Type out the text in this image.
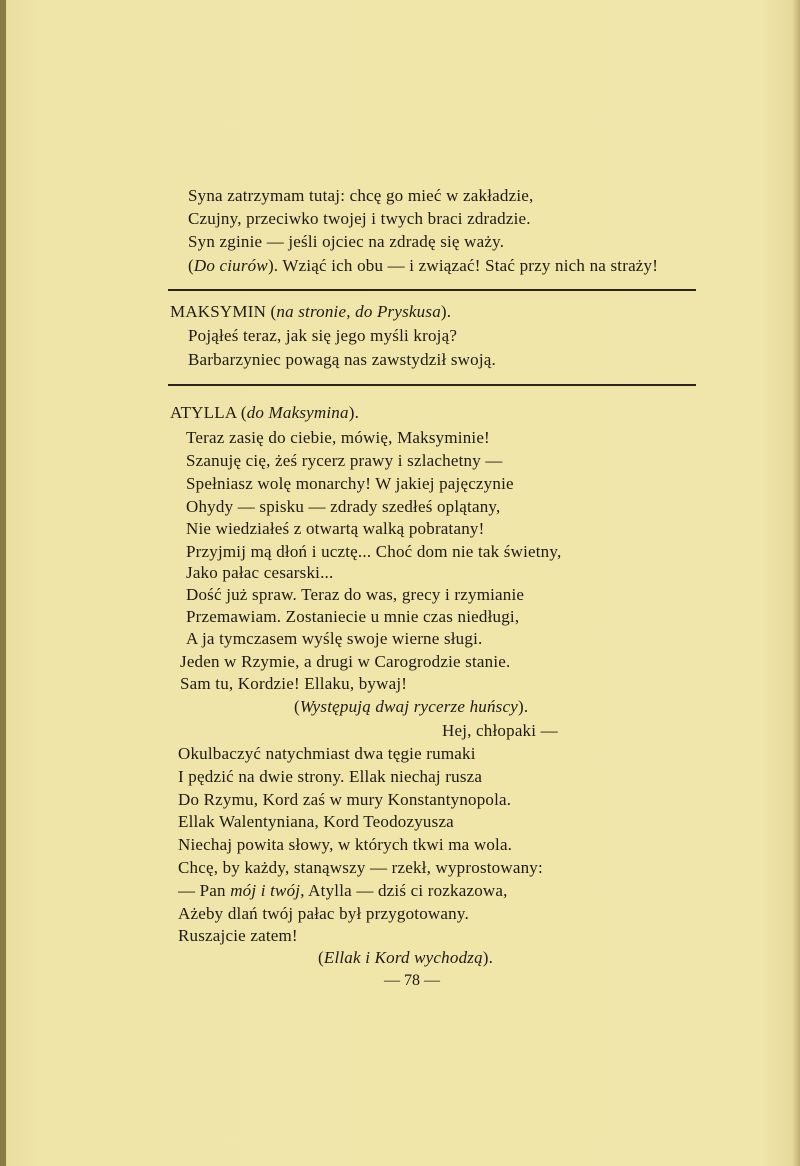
Syna zatrzymam tutaj: chcę go mieć w zakładzie,
Czujny, przeciwko twojej i twych braci zdradzie.
Syn zginie — jeśli ojciec na zdradę się waży.
(Do ciurów). Wziąć ich obu — i związać! Stać przy nich na straży!
MAKSYMIN (na stronie, do Pryskusa).
Pojąłeś teraz, jak się jego myśli kroją?
Barbarzyniec powagą nas zawstydził swoją.
ATYLLA (do Maksymina).
Teraz zasię do ciebie, mówię, Maksyminie!
Szanuję cię, żeś rycerz prawy i szlachetny —
Spełniasz wolę monarchy! W jakiej pajęczynie
Ohydy — spisku — zdrady szedłeś oplątany,
Nie wiedziałeś z otwartą walką pobratany!
Przyjmij mą dłoń i ucztę... Choć dom nie tak świetny,
Jako pałac cesarski...
Dość już spraw. Teraz do was, grecy i rzymianie
Przemawiam. Zostaniecie u mnie czas niedługi,
A ja tymczasem wyślę swoje wierne sługi.
Jeden w Rzymie, a drugi w Carogrodzie stanie.
Sam tu, Kordzie! Ellaku, bywaj!
(Występują dwaj rycerze huńscy).
Hej, chłopaki —
Okulbaczyć natychmiast dwa tęgie rumaki
I pędzić na dwie strony. Ellak niechaj rusza
Do Rzymu, Kord zaś w mury Konstantynopola.
Ellak Walentyniana, Kord Teodozyusza
Niechaj powita słowy, w których tkwi ma wola.
Chcę, by każdy, stanąwszy — rzekł, wyprostowany:
— Pan mój i twój, Atylla — dziś ci rozkazowa,
Ażeby dlań twój pałac był przygotowany.
Ruszajcie zatem!
(Ellak i Kord wychodzą).
— 78 —
